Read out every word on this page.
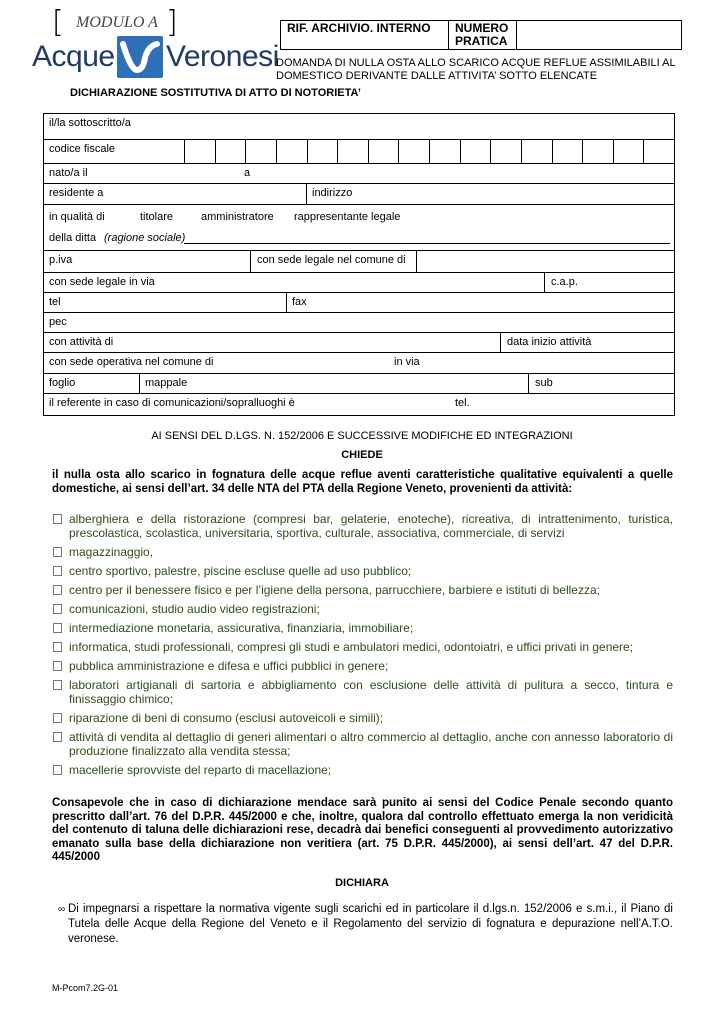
[ MODULO A ]
Acque Veronesi
RIF. ARCHIVIO. INTERNO	NUMERO PRATICA
DOMANDA DI NULLA OSTA ALLO SCARICO ACQUE REFLUE ASSIMILABILI AL DOMESTICO DERIVANTE DALLE ATTIVITA’ SOTTO ELENCATE
DICHIARAZIONE SOSTITUTIVA DI ATTO DI NOTORIETA’
il/la sottoscritto/a
codice fiscale
nato/a il	a
residente a	indirizzo
in qualità di	titolare	amministratore rappresentante legale
della ditta (ragione sociale)
p.iva	con sede legale nel comune di
con sede legale in via	c.a.p.
tel	fax
pec
con attività di	data inizio attività
con sede operativa nel comune di	in via
foglio	mappale	sub
il referente in caso di comunicazioni/sopralluoghi è	tel.
AI SENSI DEL D.LGS. N. 152/2006 E SUCCESSIVE MODIFICHE ED INTEGRAZIONI
CHIEDE
il nulla osta allo scarico in fognatura delle acque reflue aventi caratteristiche qualitative equivalenti a quelle domestiche, ai sensi dell’art. 34 delle NTA del PTA della Regione Veneto, provenienti da attività:
alberghiera e della ristorazione (compresi bar, gelaterie, enoteche), ricreativa, di intrattenimento, turistica, prescolastica, scolastica, universitaria, sportiva, culturale, associativa, commerciale, di servizi
magazzinaggio,
centro sportivo, palestre, piscine escluse quelle ad uso pubblico;
centro per il benessere fisico e per l’igiene della persona, parrucchiere, barbiere e istituti di bellezza;
comunicazioni, studio audio video registrazioni;
intermediazione monetaria, assicurativa, finanziaria, immobiliare;
informatica, studi professionali, compresi gli studi e ambulatori medici, odontoiatri, e uffici privati in genere;
pubblica amministrazione e difesa e uffici pubblici in genere;
laboratori artigianali di sartoria e abbigliamento con esclusione delle attività di pulitura a secco, tintura e finissaggio chimico;
riparazione di beni di consumo (esclusi autoveicoli e simili);
attività di vendita al dettaglio di generi alimentari o altro commercio al dettaglio, anche con annesso laboratorio di produzione finalizzato alla vendita stessa;
macellerie sprovviste del reparto di macellazione;
Consapevole che in caso di dichiarazione mendace sarà punito ai sensi del Codice Penale secondo quanto prescritto dall’art. 76 del D.P.R. 445/2000 e che, inoltre, qualora dal controllo effettuato emerga la non veridicità del contenuto di taluna delle dichiarazioni rese, decadrà dai benefici conseguenti al provvedimento autorizzativo emanato sulla base della dichiarazione non veritiera (art. 75 D.P.R. 445/2000), ai sensi dell’art. 47 del D.P.R. 445/2000
DICHIARA
∞ Di impegnarsi a rispettare la normativa vigente sugli scarichi ed in particolare il d.lgs.n. 152/2006 e s.m.i., il Piano di Tutela delle Acque della Regione del Veneto e il Regolamento del servizio di fognatura e depurazione nell’A.T.O. veronese.
M-Pcom7.2G-01
